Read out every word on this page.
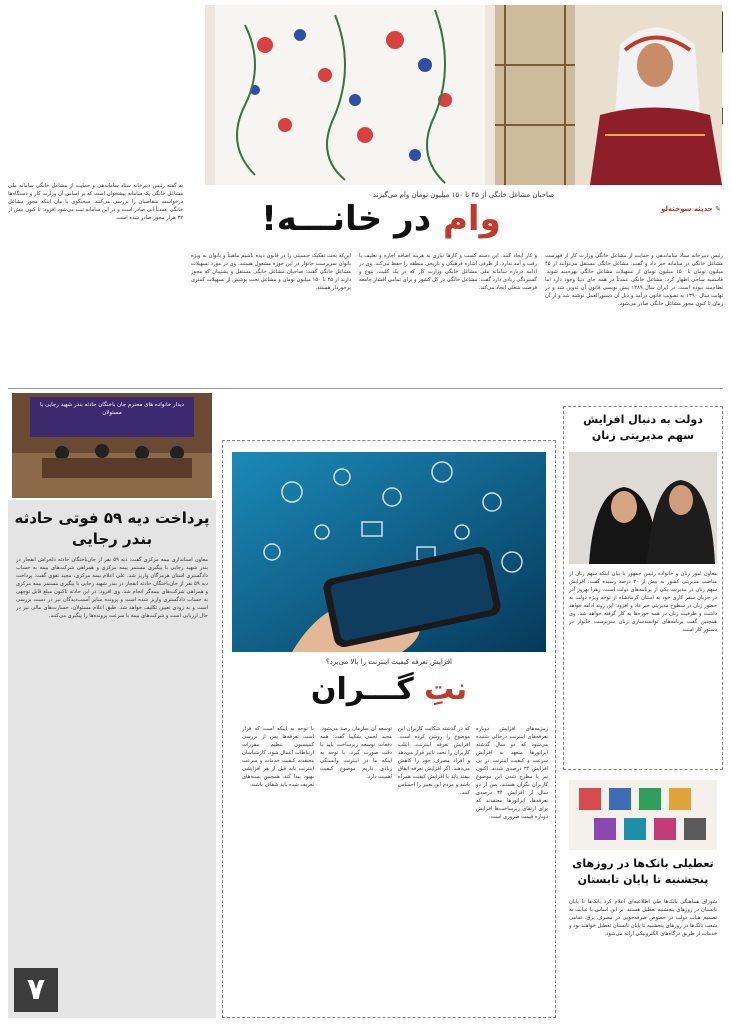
صاحبان مشاغل خانگی از ۴۵ تا ۱۵۰ میلیون تومان وام می‌گیرند
✎ حدیثه سوخته‌لو
وام در خانـــه!
رئیس دبیرخانه ستاد ساماندهی و حمایت از مشاغل خانگی وزارت کار از فهرست مشاغل خانگی در سامانه خبر داد و گفت: مشاغل خانگی مستقل می‌توانند از ۴۵ میلیون تومان تا ۱۵۰ میلیون تومان از تسهیلات مشاغل خانگی بهره‌مند شوند. قاسمیه ساجی اظهار کرد: مشاغل خانگی عمدتاً در همه جای دنیا وجود دارد اما نظام‌مند نبوده است. در ایران سال ۱۳۸۹ پیش نویسی قانون آن تدوین شد و در نهایت سال ۱۳۹۰ به تصویب قانون درآمد و ذیل آن دستورالعمل نوشته شد و از آن زمان تا کنون مجوز مشاغل خانگی صادر می‌شود.
و کار ایجاد کنند. این دسته کسب و کارها نیازی به هزینه اضافه اجاره و تعلیف با رفت و آمد ندارد. از طرفی اشاره فرهنگی و تاریخی منطقه را حفظ می‌کند. وی در ادامه درباره سامانه ملی مشاغل خانگی وزارت کار که در یک کلیت، تنوع و گستردگی زیادی دارد گفت: مشاغل خانگی در کل کشور و برای تمامی اقشار جامعه فرصت شغلی ایجاد می‌کند.
این‌که بحث تفکیک جنسیتی را در قانون دیده باشیم ماهیتاً و بانوان به ویژه بانوان سرپرست خانوار در این حوزه مشغول هستند. وی در مورد تسهیلات مشاغل خانگی گفت: صاحبان مشاغل خانگی مستقل و پشتیبان که مجوز دارند از ۴۵ تا ۱۵۰ میلیون تومان و مشاغل تحت پوشش از تسهیلات کمتری برخوردار هستند.
به گفته رئیس دبیرخانه ستاد ساماندهی و حمایت از مشاغل خانگی سامانه ملی مشاغل خانگی یک سامانه پیشخوان است که بر اساس آن وزارت کار و دستگاه‌ها درخواست متقاضیان را بررسی می‌کنند. سخنگوی با بیان اینکه مجوز مشاغل خانگی عمدتاً آنی صادر است و در این سامانه ثبت می‌شود افزود: تا کنون بیش از ۳۲ هزار مجوز صادر شده است.
دیدار خانواده های محترم جان باختگان حادثه بندر شهید رجایی با مسئولان
پرداخت دیه ۵۹ فوتی حادثه بندر رجایی
معاون استانداری بیمه مرکزی گفت: دیه ۵۹ نفر از جان‌باختگان حادثه دلخراش انفجار در بندر شهید رجایی با پیگیری مستمر بیمه مرکزی و همراهی شرکت‌های بیمه به حساب دادگستری استان هرمزگان واریز شد. علی اعلام بیمه مرکزی، مجید تقوی گفت: پرداخت دیه ۵۹ نفر از جان‌باختگان حادثه انفجار در بندر شهید رجایی با پیگیری مستمر بیمه مرکزی و همراهی شرکت‌های بیمه‌گر انجام شد. وی افزود: در این حادثه تاکنون مبلغ قابل توجهی به حساب دادگستری واریز شده است و پرونده سایر آسیب‌دیدگان نیز در دست بررسی است و به زودی تعیین تکلیف خواهد شد. طبق اعلام مسئولان، خسارت‌های مالی نیز در حال ارزیابی است و شرکت‌های بیمه با سرعت پرونده‌ها را پیگیری می‌کنند.
۷
افزایش تعرفه کیفیت اینترنت را بالا می‌برد؟
نتِ گـــران
زمزمه‌های افزایش دوباره تعرفه‌های اینترنت درحالی شنیده می‌شود که دو سال گذشته اپراتورها متعهد به افزایش سرعت و کیفیت اینترنت در پی افزایش ۳۴ درصدی شدند. اکنون نیز با مطرح شدن این موضوع کاربران نگران هستند. پس از دو سال از افزایش ۳۴ درصدی تعرفه‌ها، اپراتورها معتقدند که برای ارتقای زیرساخت‌ها افزایش دوباره قیمت ضروری است.
که در گذشته شکایت کاربران این موضوع را روشن کرده است. افزایش تعرفه اینترنت، اغلب کاربران را تحت تاثیر قرار می‌دهد و افراد مصرف خود را کاهش می‌دهند. اگر افزایش تعرفه اتفاق بیفتد باید با افزایش کیفیت همراه باشد و مردم این تغییر را احساس کنند.
توسعه آن سازمان رصد می‌شود. مجید لحمی شکیبا گفت: همه دفعات توسعه زیرساخت باید با دقت صورت گیرد. با توجه به اینکه ما در اینترنت وابستگی زیادی داریم موضوع کیفیت اهمیت دارد.
با توجه به اینکه است که قرار است تعرفه‌ها پس از بررسی کمیسیون تنظیم مقررات ارتباطات اعمال شود، کارشناسان معتقدند کیفیت خدمات و سرعت اینترنت باید قبل از هر افزایشی بهبود پیدا کند. همچنین بسته‌های تعریف شده باید شفاف باشند.
دولت به دنبال افزایش سهم مدیریتی زنان
معاون امور زنان و خانواده رئیس جمهور با بیان اینکه سهم زنان از مناصب مدیریتی کشور به بیش از ۲۰ درصد رسیده گفت: افزایش سهم زنان در مدیریت یکی از برنامه‌های دولت است. زهرا بهروز آذر در جریان سفر کاری خود به استان کرمانشاه از توجه ویژه دولت به حضور زنان در سطوح مدیریتی خبر داد و افزود: این روند ادامه خواهد داشت و ظرفیت زنان در همه حوزه‌ها به کار گرفته خواهد شد. وی همچنین گفت برنامه‌های توانمندسازی زنان سرپرست خانوار در دستور کار است.
تعطیلی بانک‌ها در روزهای پنجشنبه تا پایان تابستان
شورای هماهنگی بانک‌ها طی اطلاعیه‌ای اعلام کرد بانک‌ها تا پایان تابستان در روزهای پنجشنبه تعطیل هستند. بر این اساس با عنایت به تصمیم هیات دولت در خصوص صرفه‌جویی در مصرف برق، تمامی شعب بانک‌ها در روزهای پنجشنبه تا پایان تابستان تعطیل خواهند بود و خدمات از طریق درگاه‌های الکترونیکی ارائه می‌شود.
